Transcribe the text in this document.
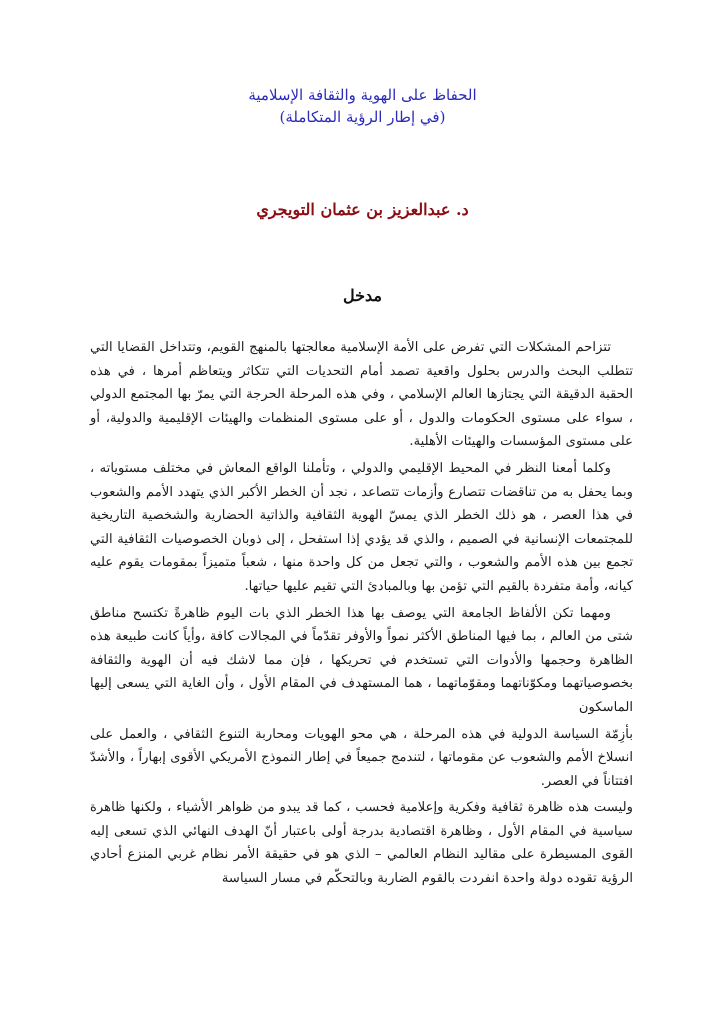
الحفاظ على الهوية والثقافة الإسلامية
(في إطار الرؤية المتكاملة)
د. عبدالعزيز بن عثمان التويجري
مدخل

تتزاحم المشكلات التي تفرض على الأمة الإسلامية معالجتها بالمنهج القويم، وتتداخل القضايا التي تتطلب البحث والدرس بحلول واقعية تصمد أمام التحديات التي تتكاثر ويتعاظم أمرها ، في هذه الحقبة الدقيقة التي يجتازها العالم الإسلامي ، وفي هذه المرحلة الحرجة التي يمرّ بها المجتمع الدولي ، سواء على مستوى الحكومات والدول ، أو على مستوى المنظمات والهيئات الإقليمية والدولية، أو على مستوى المؤسسات والهيئات الأهلية.

وكلما أمعنا النظر في المحيط الإقليمي والدولي ، وتأملنا الواقع المعاش في مختلف مستوياته ، وبما يحفل به من تناقضات تتصارع وأزمات تتصاعد ، نجد أن الخطر الأكبر الذي يتهدد الأمم والشعوب في هذا العصر ، هو ذلك الخطر الذي يمسّ الهوية الثقافية والذاتية الحضارية والشخصية التاريخية للمجتمعات الإنسانية في الصميم ، والذي قد يؤدي إذا استفحل ، إلى ذوبان الخصوصيات الثقافية التي تجمع بين هذه الأمم والشعوب ، والتي تجعل من كل واحدة منها ، شعباً متميزاً بمقومات يقوم عليه كيانه، وأمة متفردة بالقيم التي تؤمن بها وبالمبادئ التي تقيم عليها حياتها.

ومهما تكن الألفاظ الجامعة التي يوصف بها هذا الخطر الذي بات اليوم ظاهرةً تكتسح مناطق شتى من العالم ، بما فيها المناطق الأكثر نمواً والأوفر تقدّماً في المجالات كافة ،وأياً كانت طبيعة هذه الظاهرة وحجمها والأدوات التي تستخدم في تحريكها ، فإن مما لاشك فيه أن الهوية والثقافة بخصوصياتهما ومكوّناتهما ومقوّماتهما ، هما المستهدف في المقام الأول ، وأن الغاية التي يسعى إليها الماسكون

بأزِمّة السياسة الدولية في هذه المرحلة ، هي محو الهويات ومحاربة التنوع الثقافي ، والعمل على انسلاخ الأمم والشعوب عن مقوماتها ، لتندمج جميعاً في إطار النموذج الأمريكي الأقوى إبهاراً ، والأشدّ افتتاناً في العصر.

وليست هذه ظاهرة ثقافية وفكرية وإعلامية فحسب ، كما قد يبدو من ظواهر الأشياء ، ولكنها ظاهرة سياسية في المقام الأول ، وظاهرة اقتصادية بدرجة أولى باعتبار أنّ الهدف النهائي الذي تسعى إليه القوى المسيطرة على مقاليد النظام العالمي – الذي هو في حقيقة الأمر نظام غربي المنزع أحادي الرؤية تقوده دولة واحدة انفردت بالقوم الضاربة وبالتحكّم في مسار السياسة
